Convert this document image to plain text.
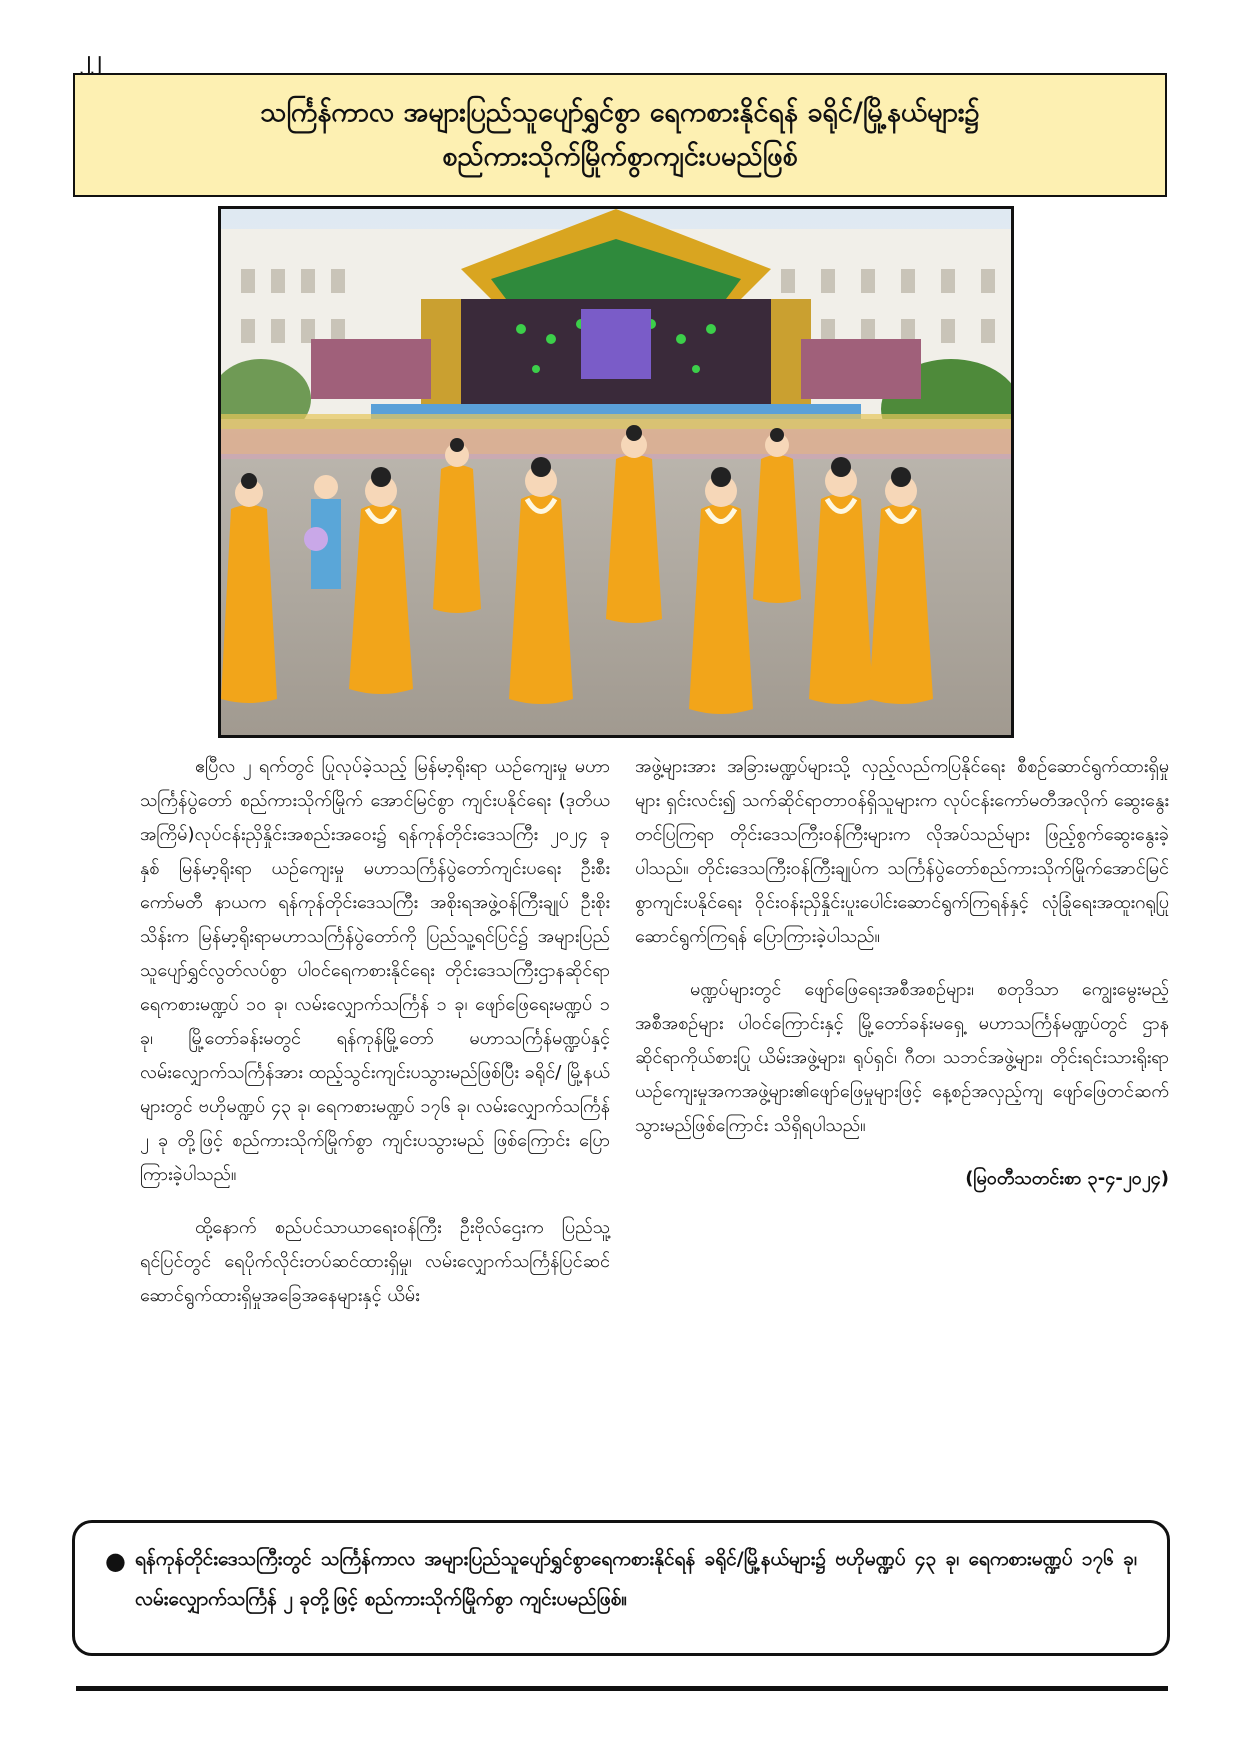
၂၂
သင်္ကြန်ကာလ အများပြည်သူပျော်ရွှင်စွာ ရေကစားနိုင်ရန် ခရိုင်/မြို့နယ်များ၌
စည်ကားသိုက်မြိုက်စွာကျင်းပမည်ဖြစ်

ဧပြီလ ၂ ရက်တွင် ပြုလုပ်ခဲ့သည့် မြန်မာ့ရိုးရာ ယဉ်ကျေးမှု မဟာသင်္ကြန်ပွဲတော် စည်ကားသိုက်မြိုက် အောင်မြင်စွာ ကျင်းပနိုင်ရေး (ဒုတိယအကြိမ်)လုပ်ငန်းညှိနှိုင်းအစည်းအဝေး၌ ရန်ကုန်တိုင်းဒေသကြီး ၂၀၂၄ ခုနှစ် မြန်မာ့ရိုးရာ ယဉ်ကျေးမှု မဟာသင်္ကြန်ပွဲတော်ကျင်းပရေး ဦးစီးကော်မတီ နာယက ရန်ကုန်တိုင်းဒေသကြီး အစိုးရအဖွဲ့ဝန်ကြီးချုပ် ဦးစိုးသိန်းက မြန်မာ့ရိုးရာမဟာသင်္ကြန်ပွဲတော်ကို ပြည်သူ့ရင်ပြင်၌ အများပြည်သူပျော်ရွှင်လွတ်လပ်စွာ ပါဝင်ရေကစားနိုင်ရေး တိုင်းဒေသကြီးဌာနဆိုင်ရာ ရေကစားမဏ္ဍပ် ၁၀ ခု၊ လမ်းလျှောက်သင်္ကြန် ၁ ခု၊ ဖျော်ဖြေရေးမဏ္ဍပ် ၁ ခု၊ မြို့တော်ခန်းမတွင် ရန်ကုန်မြို့တော် မဟာသင်္ကြန်မဏ္ဍပ်နှင့် လမ်းလျှောက်သင်္ကြန်အား ထည့်သွင်းကျင်းပသွားမည်ဖြစ်ပြီး ခရိုင်/ မြို့နယ်များတွင် ဗဟိုမဏ္ဍပ် ၄၃ ခု၊ ရေကစားမဏ္ဍပ် ၁၇၆ ခု၊ လမ်းလျှောက်သင်္ကြန် ၂ ခု တို့ဖြင့် စည်ကားသိုက်မြိုက်စွာ ကျင်းပသွားမည် ဖြစ်ကြောင်း ပြောကြားခဲ့ပါသည်။

ထို့နောက် စည်ပင်သာယာရေးဝန်ကြီး ဦးဗိုလ်ဌေးက ပြည်သူ့ရင်ပြင်တွင် ရေပိုက်လိုင်းတပ်ဆင်ထားရှိမှု၊ လမ်းလျှောက်သင်္ကြန်ပြင်ဆင်ဆောင်ရွက်ထားရှိမှုအခြေအနေများနှင့် ယိမ်း

အဖွဲ့များအား အခြားမဏ္ဍပ်များသို့ လှည့်လည်ကပြနိုင်ရေး စီစဉ်ဆောင်ရွက်ထားရှိမှုများ ရှင်းလင်း၍ သက်ဆိုင်ရာတာဝန်ရှိသူများက လုပ်ငန်းကော်မတီအလိုက် ဆွေးနွေးတင်ပြကြရာ တိုင်းဒေသကြီးဝန်ကြီးများက လိုအပ်သည်များ ဖြည့်စွက်ဆွေးနွေးခဲ့ပါသည်။ တိုင်းဒေသကြီးဝန်ကြီးချုပ်က သင်္ကြန်ပွဲတော်စည်ကားသိုက်မြိုက်အောင်မြင်စွာကျင်းပနိုင်ရေး ဝိုင်းဝန်းညှိနှိုင်းပူးပေါင်းဆောင်ရွက်ကြရန်နှင့် လုံခြုံရေးအထူးဂရုပြု ဆောင်ရွက်ကြရန် ပြောကြားခဲ့ပါသည်။

မဏ္ဍပ်များတွင် ဖျော်ဖြေရေးအစီအစဉ်များ၊ စတုဒိသာ ကျွေးမွေးမည့် အစီအစဉ်များ ပါဝင်ကြောင်းနှင့် မြို့တော်ခန်းမရှေ့ မဟာသင်္ကြန်မဏ္ဍပ်တွင် ဌာနဆိုင်ရာကိုယ်စားပြု ယိမ်းအဖွဲ့များ၊ ရုပ်ရှင်၊ ဂီတ၊ သဘင်အဖွဲ့များ၊ တိုင်းရင်းသားရိုးရာ ယဉ်ကျေးမှုအကအဖွဲ့များ၏ဖျော်ဖြေမှုများဖြင့် နေ့စဉ်အလှည့်ကျ ဖျော်ဖြေတင်ဆက်သွားမည်ဖြစ်ကြောင်း သိရှိရပါသည်။

(မြဝတီသတင်းစာ ၃-၄-၂၀၂၄)
● ရန်ကုန်တိုင်းဒေသကြီးတွင် သင်္ကြန်ကာလ အများပြည်သူပျော်ရွှင်စွာရေကစားနိုင်ရန် ခရိုင်/မြို့နယ်များ၌ ဗဟိုမဏ္ဍပ် ၄၃ ခု၊ ရေကစားမဏ္ဍပ် ၁၇၆ ခု၊ လမ်းလျှောက်သင်္ကြန် ၂ ခုတို့ဖြင့် စည်ကားသိုက်မြိုက်စွာ ကျင်းပမည်ဖြစ်။
